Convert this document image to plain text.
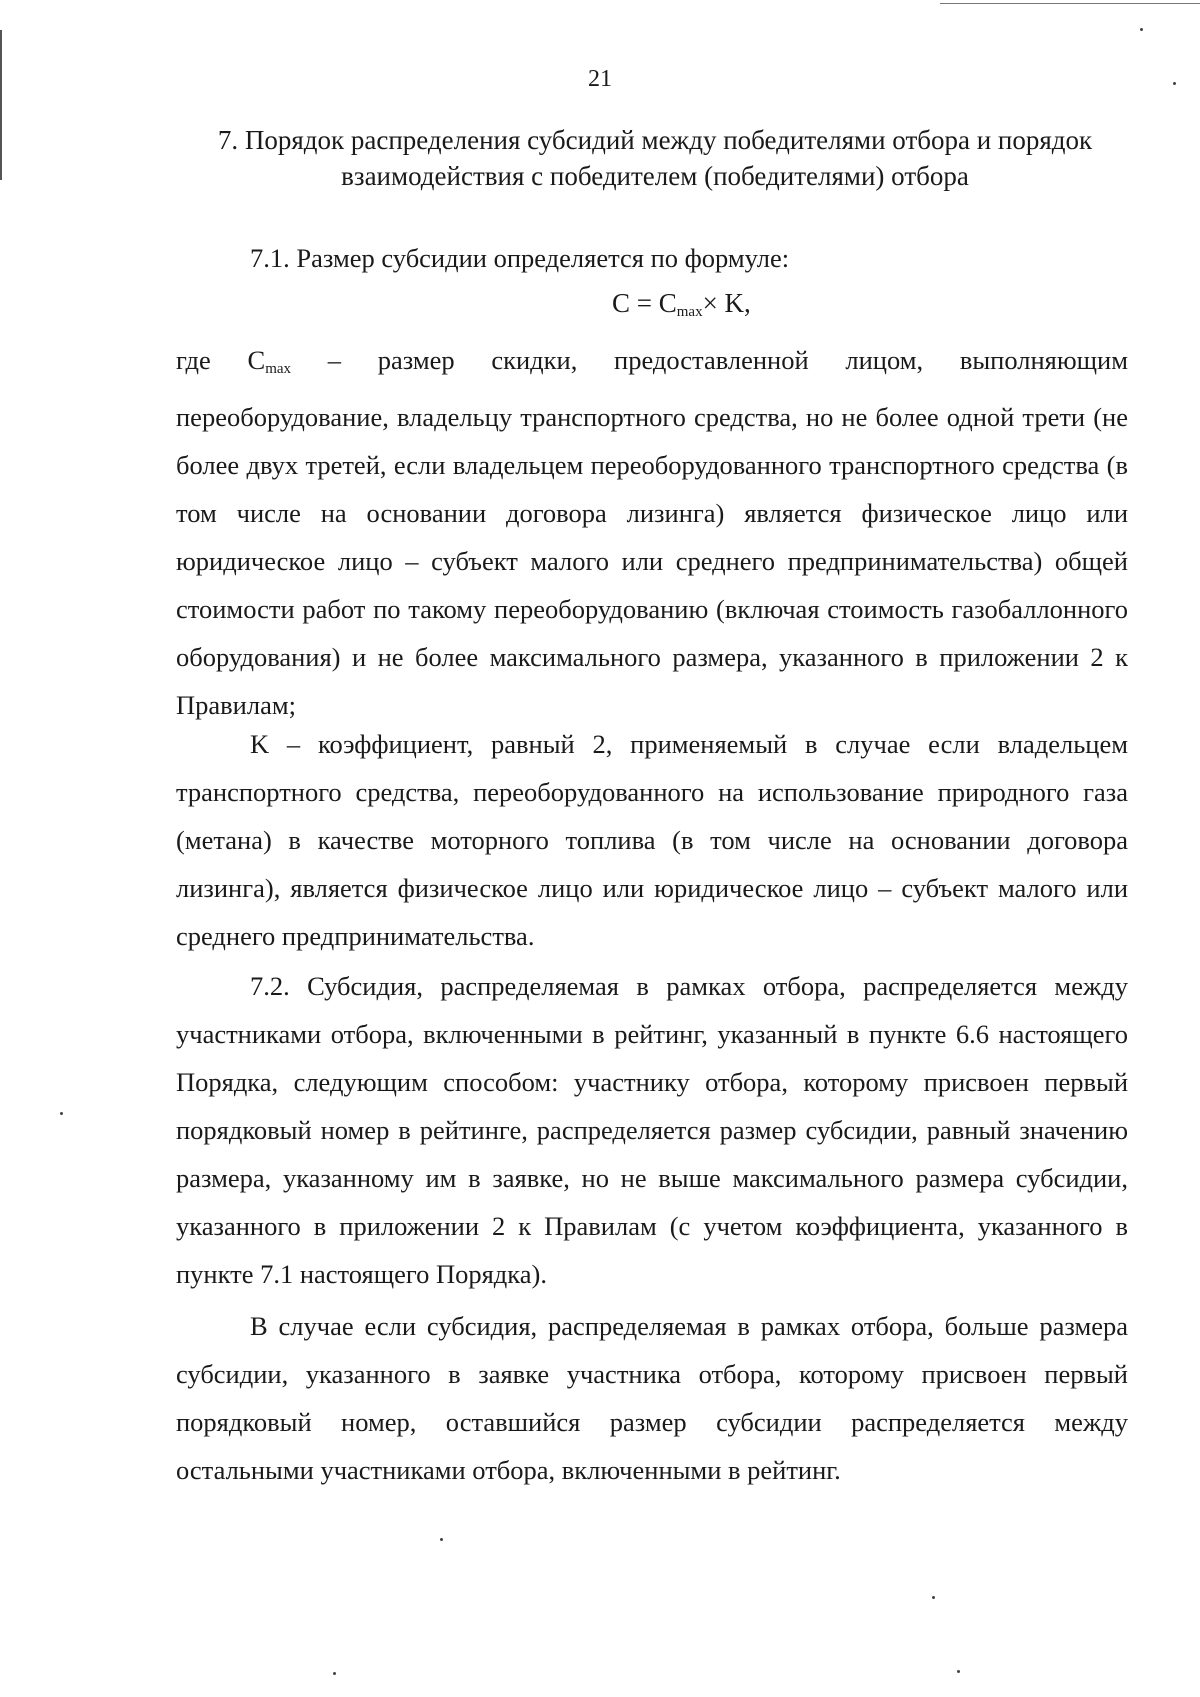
21
7. Порядок распределения субсидий между победителями отбора и порядок
взаимодействия с победителем (победителями) отбора

7.1. Размер субсидии определяется по формуле:

$C = C_{max}\times K$,

где $C_{max}$ – размер скидки, предоставленной лицом, выполняющим переоборудование, владельцу транспортного средства, но не более одной трети (не более двух третей, если владельцем переоборудованного транспортного средства (в том числе на основании договора лизинга) является физическое лицо или юридическое лицо – субъект малого или среднего предпринимательства) общей стоимости работ по такому переоборудованию (включая стоимость газобаллонного оборудования) и не более максимального размера, указанного в приложении 2 к Правилам;

K – коэффициент, равный 2, применяемый в случае если владельцем транспортного средства, переоборудованного на использование природного газа (метана) в качестве моторного топлива (в том числе на основании договора лизинга), является физическое лицо или юридическое лицо – субъект малого или среднего предпринимательства.

7.2. Субсидия, распределяемая в рамках отбора, распределяется между участниками отбора, включенными в рейтинг, указанный в пункте 6.6 настоящего Порядка, следующим способом: участнику отбора, которому присвоен первый порядковый номер в рейтинге, распределяется размер субсидии, равный значению размера, указанному им в заявке, но не выше максимального размера субсидии, указанного в приложении 2 к Правилам (с учетом коэффициента, указанного в пункте 7.1 настоящего Порядка).

В случае если субсидия, распределяемая в рамках отбора, больше размера субсидии, указанного в заявке участника отбора, которому присвоен первый порядковый номер, оставшийся размер субсидии распределяется между остальными участниками отбора, включенными в рейтинг.
